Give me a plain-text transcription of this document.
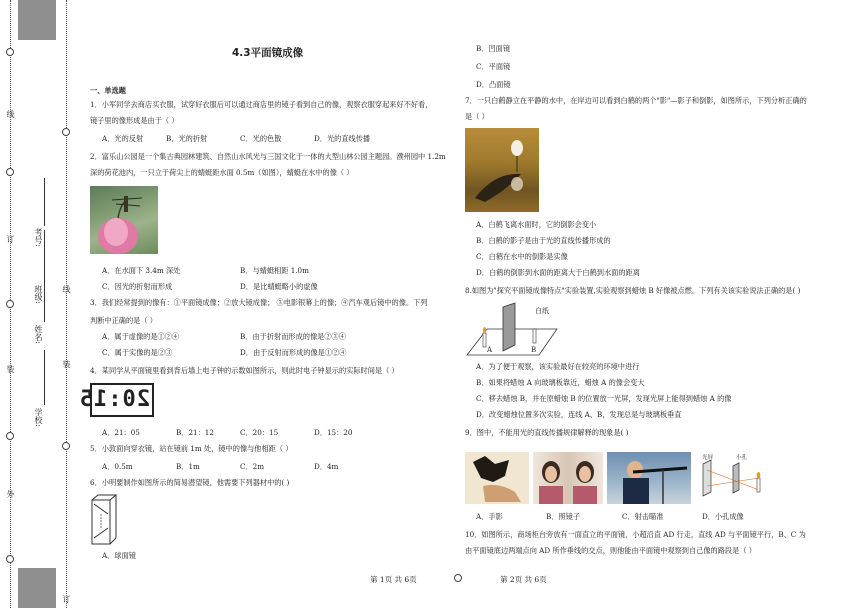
线
订
装
外
学校:
姓名:
班级:
考号:
线
装
订
4.3平面镜成像
一、单选题
1．小军同学去商店买衣服，试穿好衣服后可以通过商店里的镜子看到自己的像，观察衣服穿起来好不好看，
镜子里的像形成是由于（ ）
A．光的反射	B．光的折射	C．光的色散	D．光的直线传播
2．富乐山公园是一个集古典园林建筑、自然山水风光与三国文化于一体的大型山林公园主题园。濮州园中 1.2m
深的荷花池内，一只立于荷尖上的蜻蜓距水面 0.5m（如图），蜻蜓在水中的像（ ）
A．在水面下 3.4m 深处	B．与蜻蜓相距 1.0m
C．因光的折射而形成	D．是比蜻蜓略小的虚像
3．我们经常提到的像有：①平面镜成像；②放大镜成像； ③电影银幕上的像；④汽车观后镜中的像。下列
判断中正确的是（ ）
A．属于虚像的是①②④	B．由于折射而形成的像是②③④
C．属于实像的是②③	D．由于反射而形成的像是①②④
4．某同学从平面镜里看到背后墙上电子钟的示数如图所示，则此时电子钟显示的实际时间是（ ）
20:15
A．21：05	B．21：12	C．20：15	D．15：20
5．小敦面向穿衣镜，站在镜前 1m 处，镜中的像与他相距（ ）
A．0.5m	B．1m	C．2m	D．4m
6．小明要制作如图所示的简易潜望镜，他需要下列器材中的( )
A．球面镜
第 1页 共 6页
B．凹面镜
C．平面镜
D．凸面镜
7．一只白鹤静立在平静的水中，在岸边可以看到白鹤的两个"影"—影子和倒影，如图所示，下列分析正确的
是（ ）
A．白鹤飞离水面时，它的倒影会变小
B．白鹤的影子是由于光的直线传播形成的
C．白鹤在水中的倒影是实像
D．白鹤的倒影到水面的距离大于白鹤到水面的距离
8.如图为"探究平面镜成像特点"实验装置,实验观察到蜡烛 B 好像被点燃。下列有关该实验说法正确的是( )
白纸
A	B
A．为了便于观察，该实验最好在较亮的环境中进行
B．如果将蜡烛 A 向玻璃板靠近，蜡烛 A 的像会变大
C．移去蜡烛 B，并在原蜡烛 B 的位置放一光屏，发现光屏上能得到蜡烛 A 的像
D．改变蜡烛位置多次实验，连线 A、B，发现总是与玻璃板垂直
9．图中，不能用光的直线传播规律解释的现象是( )
光屏	小孔
A．手影	B．照镜子	C．射击瞄准	D．小孔成像
10．如图所示，商场柜台旁放有一面直立的平面镜，小超沿直 AD 行走，直线 AD 与平面镜平行，B、C 为
由平面镜底边两端点向 AD 所作垂线的交点，则他能由平面镜中观察到自己像的路段是（ ）
第 2页 共 6页
